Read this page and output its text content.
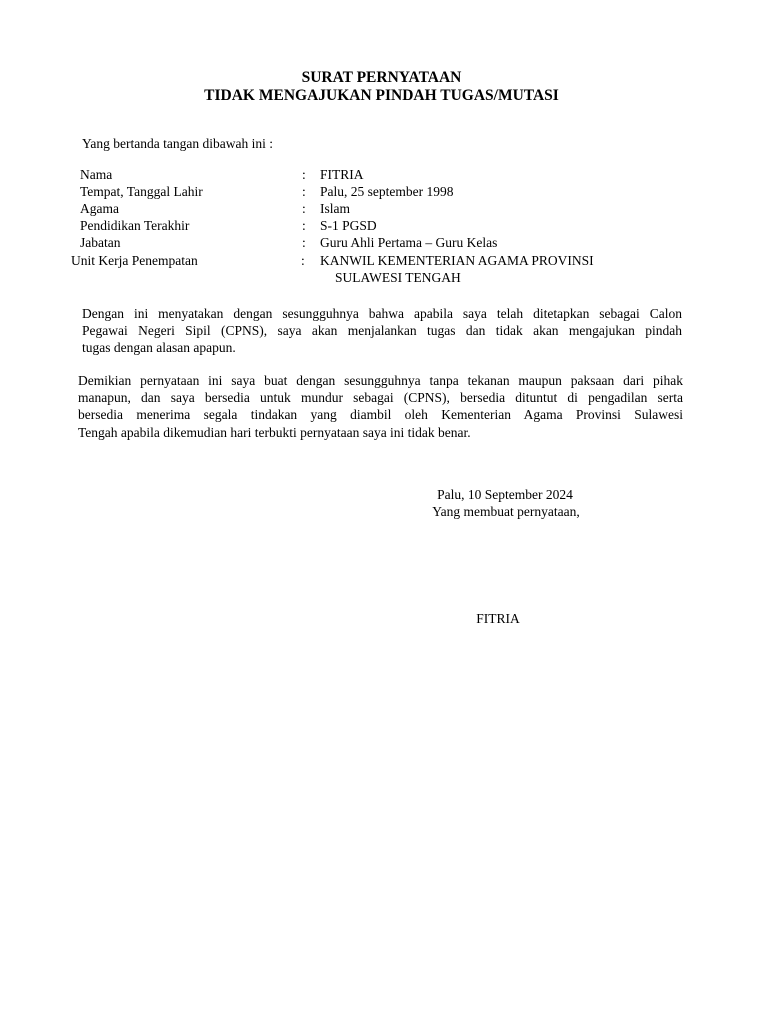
SURAT PERNYATAAN
TIDAK MENGAJUKAN PINDAH TUGAS/MUTASI
Yang bertanda tangan dibawah ini :
Nama	: FITRIA
Tempat, Tanggal Lahir	: Palu, 25 september 1998
Agama	: Islam
Pendidikan Terakhir	: S-1 PGSD
Jabatan	: Guru Ahli Pertama – Guru Kelas
Unit Kerja Penempatan	: KANWIL KEMENTERIAN AGAMA PROVINSI
SULAWESI TENGAH
Dengan ini menyatakan dengan sesungguhnya bahwa apabila saya telah ditetapkan sebagai Calon
Pegawai Negeri Sipil (CPNS), saya akan menjalankan tugas dan tidak akan mengajukan pindah
tugas dengan alasan apapun.
Demikian pernyataan ini saya buat dengan sesungguhnya tanpa tekanan maupun paksaan dari pihak
manapun, dan saya bersedia untuk mundur sebagai (CPNS), bersedia dituntut di pengadilan serta
bersedia menerima segala tindakan yang diambil oleh Kementerian Agama Provinsi Sulawesi
Tengah apabila dikemudian hari terbukti pernyataan saya ini tidak benar.
Palu, 10 September 2024
Yang membuat pernyataan,
FITRIA
